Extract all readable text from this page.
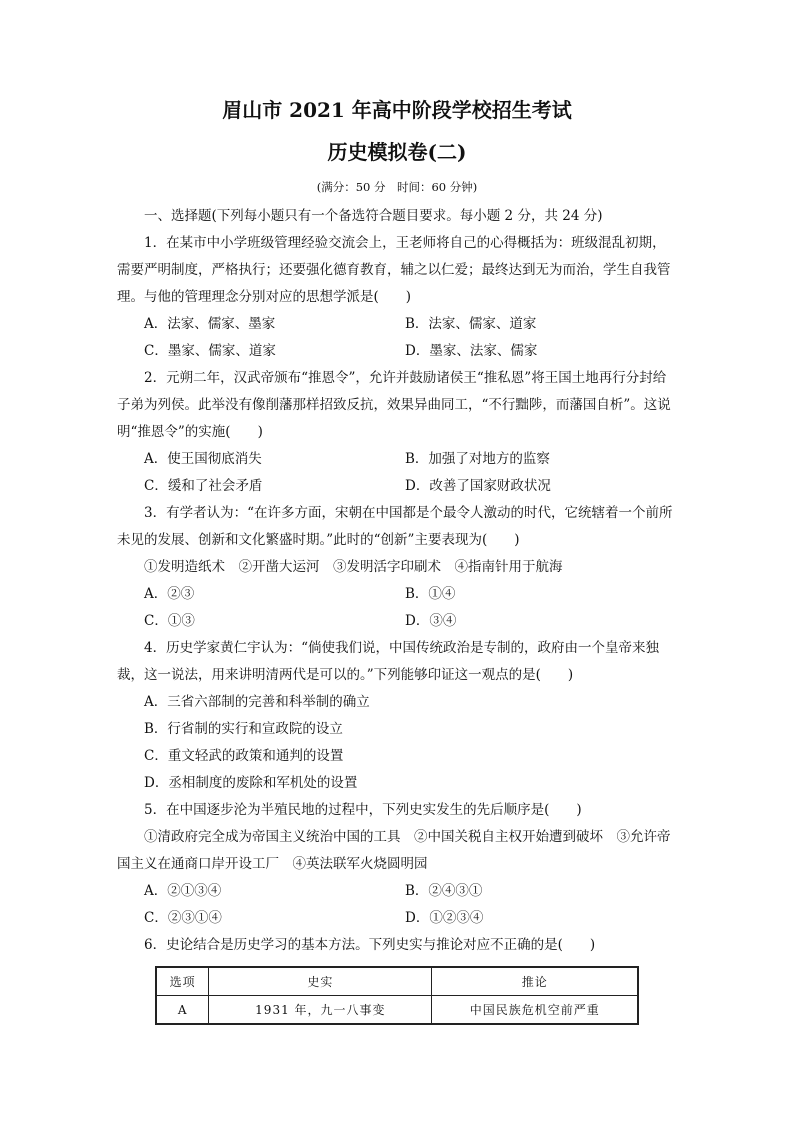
眉山市 2021 年高中阶段学校招生考试
历史模拟卷(二)
(满分：50 分　时间：60 分钟)

一、选择题(下列每小题只有一个备选符合题目要求。每小题 2 分，共 24 分)

1．在某市中小学班级管理经验交流会上，王老师将自己的心得概括为：班级混乱初期，需要严明制度，严格执行；还要强化德育教育，辅之以仁爱；最终达到无为而治，学生自我管理。与他的管理理念分别对应的思想学派是(　　)

A．法家、儒家、墨家	B．法家、儒家、道家
C．墨家、儒家、道家	D．墨家、法家、儒家

2．元朔二年，汉武帝颁布“推恩令”，允许并鼓励诸侯王“推私恩”将王国土地再行分封给子弟为列侯。此举没有像削藩那样招致反抗，效果异曲同工，“不行黜陟，而藩国自析”。这说明“推恩令”的实施(　　)

A．使王国彻底消失	B．加强了对地方的监察
C．缓和了社会矛盾	D．改善了国家财政状况

3．有学者认为：“在许多方面，宋朝在中国都是个最令人激动的时代，它统辖着一个前所未见的发展、创新和文化繁盛时期。”此时的“创新”主要表现为(　　)

①发明造纸术　②开凿大运河　③发明活字印刷术　④指南针用于航海

A．②③	B．①④
C．①③	D．③④

4．历史学家黄仁宇认为：“倘使我们说，中国传统政治是专制的，政府由一个皇帝来独裁，这一说法，用来讲明清两代是可以的。”下列能够印证这一观点的是(　　)

A．三省六部制的完善和科举制的确立

B．行省制的实行和宣政院的设立

C．重文轻武的政策和通判的设置

D．丞相制度的废除和军机处的设置

5．在中国逐步沦为半殖民地的过程中，下列史实发生的先后顺序是(　　)

①清政府完全成为帝国主义统治中国的工具　②中国关税自主权开始遭到破坏　③允许帝国主义在通商口岸开设工厂　④英法联军火烧圆明园

A．②①③④	B．②④③①
C．②③①④	D．①②③④

6．史论结合是历史学习的基本方法。下列史实与推论对应不正确的是(　　)

选项	史实	推论
A	1931 年，九一八事变	中国民族危机空前严重
